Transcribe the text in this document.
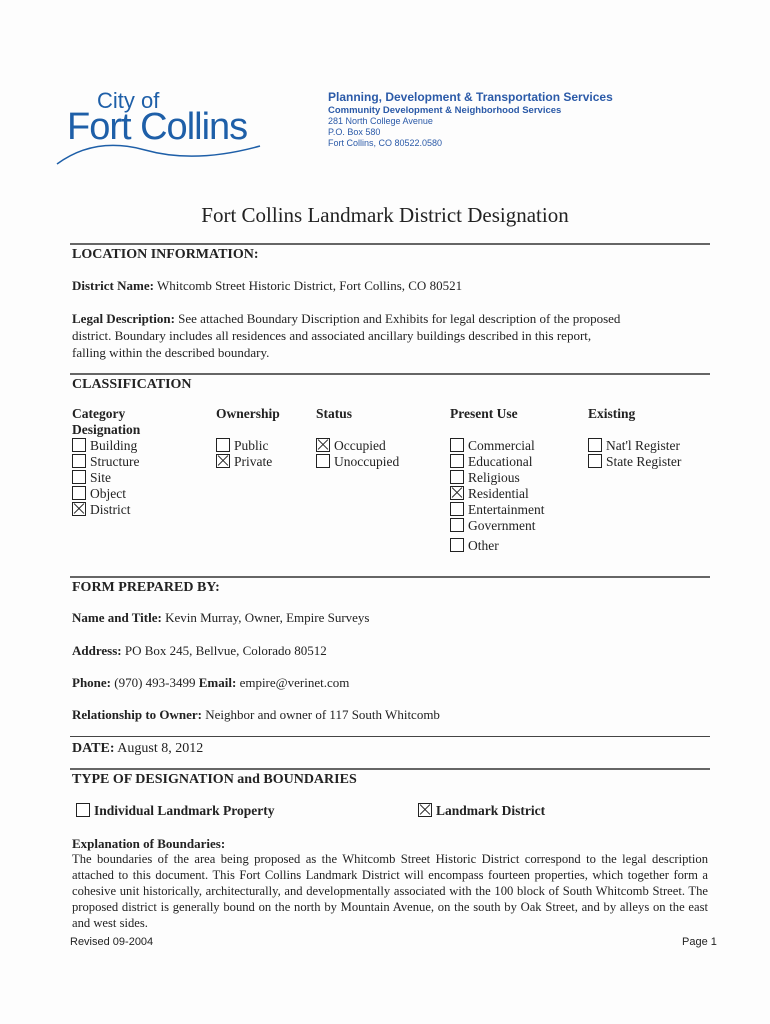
City of
Fort Collins
Planning, Development & Transportation Services
Community Development & Neighborhood Services
281 North College Avenue
P.O. Box 580
Fort Collins, CO 80522.0580
Fort Collins Landmark District Designation
LOCATION INFORMATION:
District Name: Whitcomb Street Historic District, Fort Collins, CO 80521
Legal Description: See attached Boundary Discription and Exhibits for legal description of the proposed
district. Boundary includes all residences and associated ancillary buildings described in this report,
falling within the described boundary.
CLASSIFICATION
Category
Designation
Building
Structure
Site
Object
District
Ownership
Public
Private
Status
Occupied
Unoccupied
Present Use
Commercial
Educational
Religious
Residential
Entertainment
Government
Other
Existing
Nat'l Register
State Register
FORM PREPARED BY:
Name and Title: Kevin Murray, Owner, Empire Surveys
Address: PO Box 245, Bellvue, Colorado 80512
Phone: (970) 493-3499 Email: empire@verinet.com
Relationship to Owner: Neighbor and owner of 117 South Whitcomb
DATE: August 8, 2012
TYPE OF DESIGNATION and BOUNDARIES
Individual Landmark Property	Landmark District
Explanation of Boundaries:
The boundaries of the area being proposed as the Whitcomb Street Historic District correspond to the legal description attached to this document. This Fort Collins Landmark District will encompass fourteen properties, which together form a cohesive unit historically, architecturally, and developmentally associated with the 100 block of South Whitcomb Street. The proposed district is generally bound on the north by Mountain Avenue, on the south by Oak Street, and by alleys on the east and west sides.
Revised 09-2004	Page 1
